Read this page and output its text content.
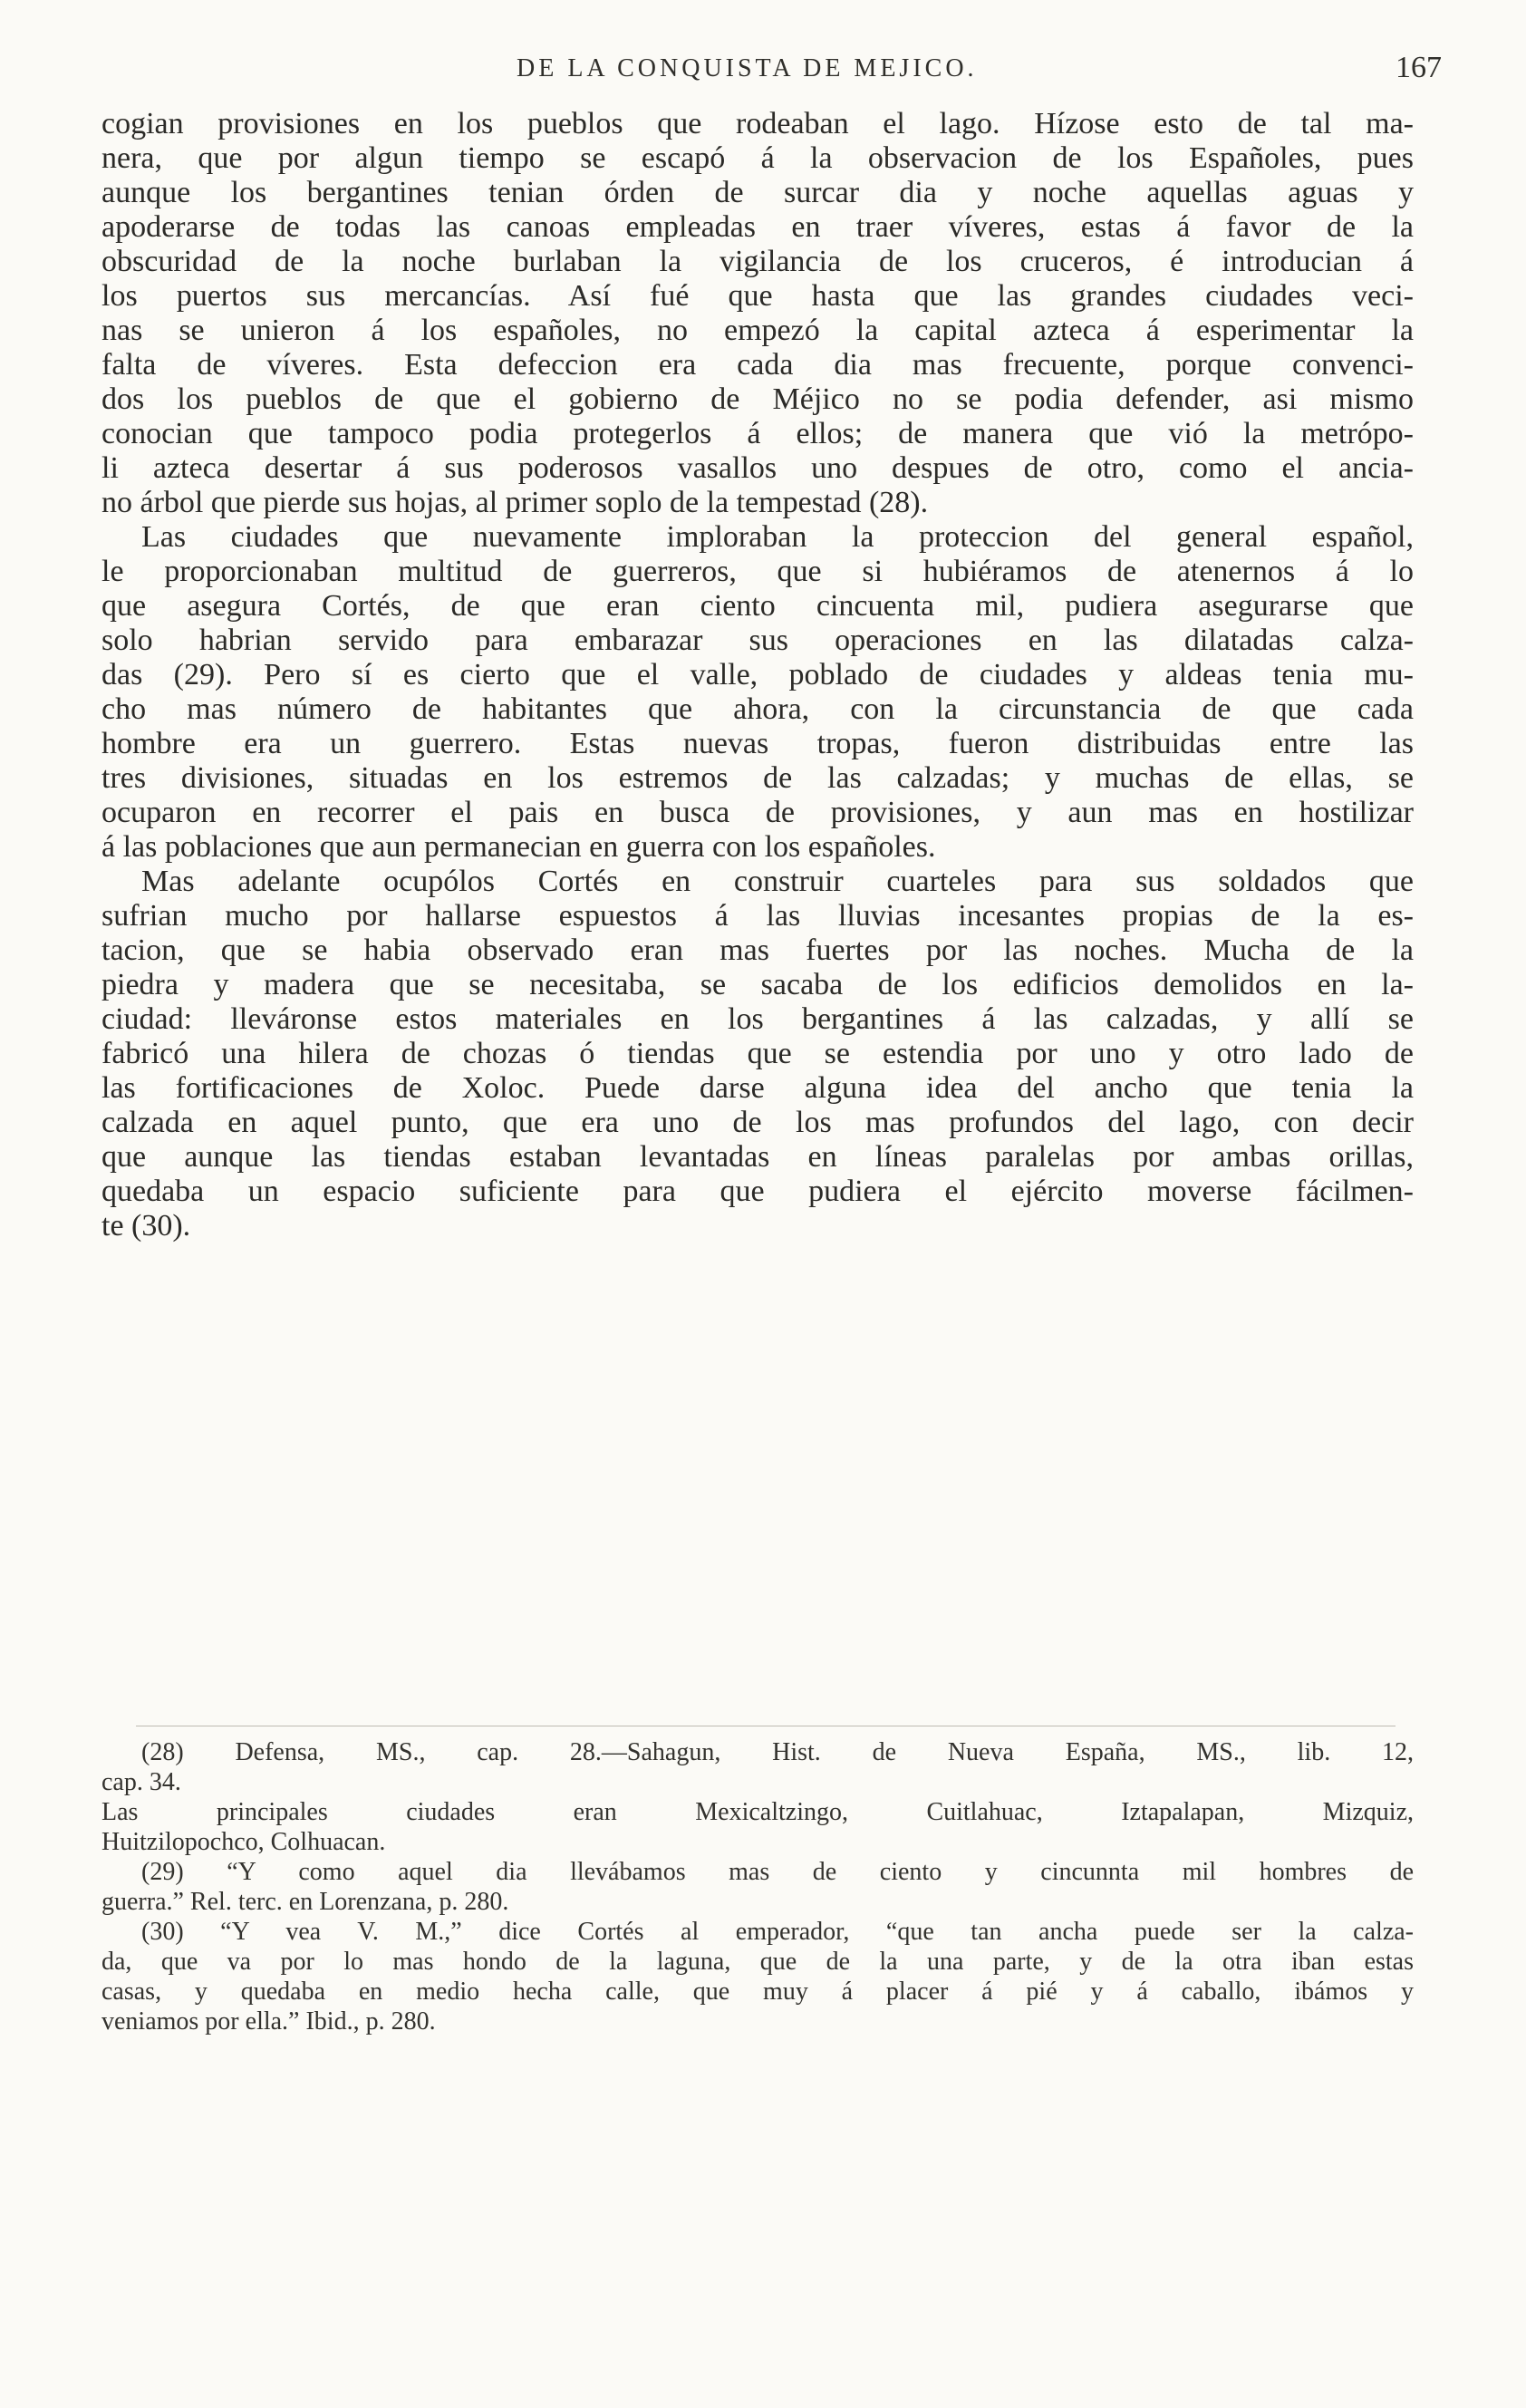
DE LA CONQUISTA DE MEJICO.	167
cogian provisiones en los pueblos que rodeaban el lago. Hízose esto de tal ma-
nera, que por algun tiempo se escapó á la observacion de los Españoles, pues
aunque los bergantines tenian órden de surcar dia y noche aquellas aguas y
apoderarse de todas las canoas empleadas en traer víveres, estas á favor de la
obscuridad de la noche burlaban la vigilancia de los cruceros, é introducian á
los puertos sus mercancías. Así fué que hasta que las grandes ciudades veci-
nas se unieron á los españoles, no empezó la capital azteca á esperimentar la
falta de víveres. Esta defeccion era cada dia mas frecuente, porque convenci-
dos los pueblos de que el gobierno de Méjico no se podia defender, asi mismo
conocian que tampoco podia protegerlos á ellos; de manera que vió la metrópo-
li azteca desertar á sus poderosos vasallos uno despues de otro, como el ancia-
no árbol que pierde sus hojas, al primer soplo de la tempestad (28).
Las ciudades que nuevamente imploraban la proteccion del general español,
le proporcionaban multitud de guerreros, que si hubiéramos de atenernos á lo
que asegura Cortés, de que eran ciento cincuenta mil, pudiera asegurarse que
solo habrian servido para embarazar sus operaciones en las dilatadas calza-
das (29). Pero sí es cierto que el valle, poblado de ciudades y aldeas tenia mu-
cho mas número de habitantes que ahora, con la circunstancia de que cada
hombre era un guerrero. Estas nuevas tropas, fueron distribuidas entre las
tres divisiones, situadas en los estremos de las calzadas; y muchas de ellas, se
ocuparon en recorrer el pais en busca de provisiones, y aun mas en hostilizar
á las poblaciones que aun permanecian en guerra con los españoles.
Mas adelante ocupólos Cortés en construir cuarteles para sus soldados que
sufrian mucho por hallarse espuestos á las lluvias incesantes propias de la es-
tacion, que se habia observado eran mas fuertes por las noches. Mucha de la
piedra y madera que se necesitaba, se sacaba de los edificios demolidos en la-
ciudad: lleváronse estos materiales en los bergantines á las calzadas, y allí se
fabricó una hilera de chozas ó tiendas que se estendia por uno y otro lado de
las fortificaciones de Xoloc. Puede darse alguna idea del ancho que tenia la
calzada en aquel punto, que era uno de los mas profundos del lago, con decir
que aunque las tiendas estaban levantadas en líneas paralelas por ambas orillas,
quedaba un espacio suficiente para que pudiera el ejército moverse fácilmen-
te (30).
(28) Defensa, MS., cap. 28.—Sahagun, Hist. de Nueva España, MS., lib. 12,
cap. 34.
Las principales ciudades eran Mexicaltzingo, Cuitlahuac, Iztapalapan, Mizquiz,
Huitzilopochco, Colhuacan.
(29) “Y como aquel dia llevábamos mas de ciento y cincunnta mil hombres de
guerra.” Rel. terc. en Lorenzana, p. 280.
(30) “Y vea V. M.,” dice Cortés al emperador, “que tan ancha puede ser la calza-
da, que va por lo mas hondo de la laguna, que de la una parte, y de la otra iban estas
casas, y quedaba en medio hecha calle, que muy á placer á pié y á caballo, ibámos y
veniamos por ella.” Ibid., p. 280.
